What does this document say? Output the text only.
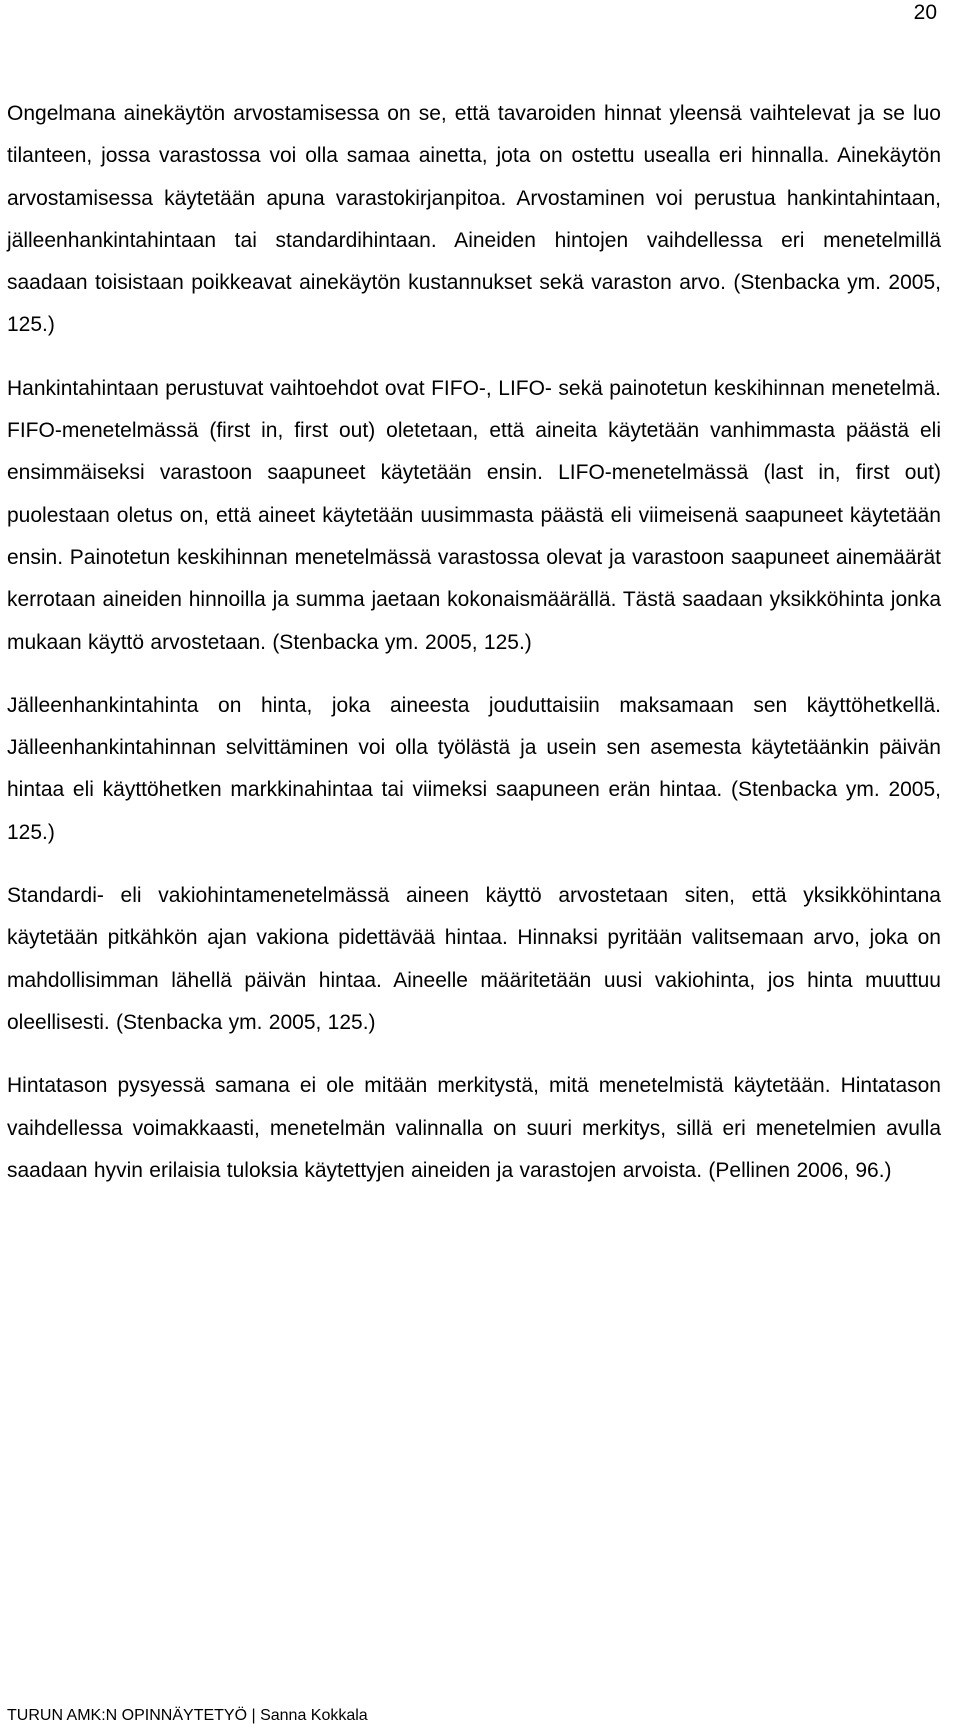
20

Ongelmana ainekäytön arvostamisessa on se, että tavaroiden hinnat yleensä vaihtelevat ja se luo tilanteen, jossa varastossa voi olla samaa ainetta, jota on ostettu usealla eri hinnalla. Ainekäytön arvostamisessa käytetään apuna varastokirjanpitoa. Arvostaminen voi perustua hankintahintaan, jälleenhankintahintaan tai standardihintaan. Aineiden hintojen vaihdellessa eri menetelmillä saadaan toisistaan poikkeavat ainekäytön kustannukset sekä varaston arvo. (Stenbacka ym. 2005, 125.)

Hankintahintaan perustuvat vaihtoehdot ovat FIFO-, LIFO- sekä painotetun keskihinnan menetelmä. FIFO-menetelmässä (first in, first out) oletetaan, että aineita käytetään vanhimmasta päästä eli ensimmäiseksi varastoon saapuneet käytetään ensin. LIFO-menetelmässä (last in, first out) puolestaan oletus on, että aineet käytetään uusimmasta päästä eli viimeisenä saapuneet käytetään ensin. Painotetun keskihinnan menetelmässä varastossa olevat ja varastoon saapuneet ainemäärät kerrotaan aineiden hinnoilla ja summa jaetaan kokonaismäärällä. Tästä saadaan yksikköhinta jonka mukaan käyttö arvostetaan. (Stenbacka ym. 2005, 125.)

Jälleenhankintahinta on hinta, joka aineesta jouduttaisiin maksamaan sen käyttöhetkellä. Jälleenhankintahinnan selvittäminen voi olla työlästä ja usein sen asemesta käytetäänkin päivän hintaa eli käyttöhetken markkinahintaa tai viimeksi saapuneen erän hintaa. (Stenbacka ym. 2005, 125.)

Standardi- eli vakiohintamenetelmässä aineen käyttö arvostetaan siten, että yksikköhintana käytetään pitkähkön ajan vakiona pidettävää hintaa. Hinnaksi pyritään valitsemaan arvo, joka on mahdollisimman lähellä päivän hintaa. Aineelle määritetään uusi vakiohinta, jos hinta muuttuu oleellisesti. (Stenbacka ym. 2005, 125.)

Hintatason pysyessä samana ei ole mitään merkitystä, mitä menetelmistä käytetään. Hintatason vaihdellessa voimakkaasti, menetelmän valinnalla on suuri merkitys, sillä eri menetelmien avulla saadaan hyvin erilaisia tuloksia käytettyjen aineiden ja varastojen arvoista. (Pellinen 2006, 96.)

TURUN AMK:N OPINNÄYTETYÖ | Sanna Kokkala
